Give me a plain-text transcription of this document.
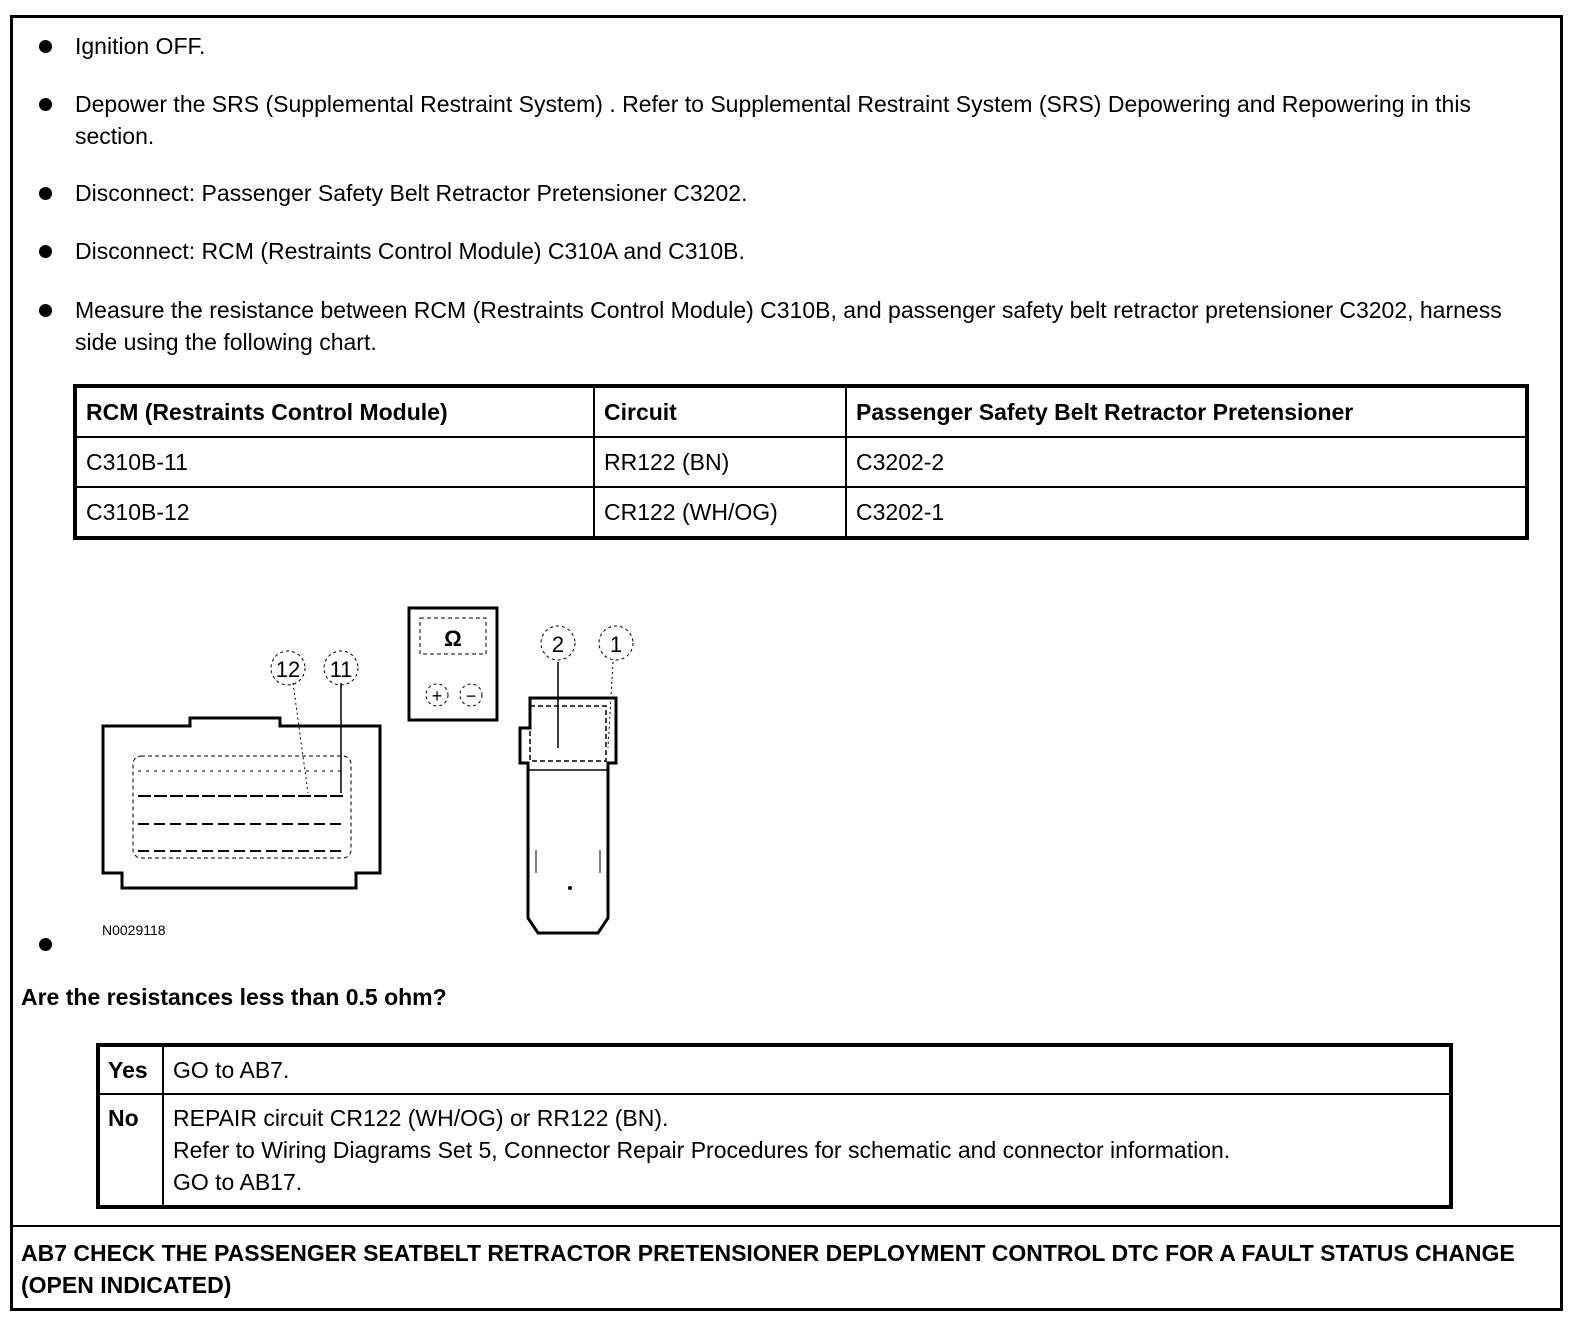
Ignition OFF.
Depower the SRS (Supplemental Restraint System) . Refer to Supplemental Restraint System (SRS) Depowering and Repowering in this section.
Disconnect: Passenger Safety Belt Retractor Pretensioner C3202.
Disconnect: RCM (Restraints Control Module) C310A and C310B.
Measure the resistance between RCM (Restraints Control Module) C310B, and passenger safety belt retractor pretensioner C3202, harness side using the following chart.
RCM (Restraints Control Module)	Circuit	Passenger Safety Belt Retractor Pretensioner
C310B-11	RR122 (BN)	C3202-2
C310B-12	CR122 (WH/OG)	C3202-1
12 11
Ω
+ −
2 1
N0029118
Are the resistances less than 0.5 ohm?
Yes	GO to AB7.

No	REPAIR circuit CR122 (WH/OG) or RR122 (BN).
Refer to Wiring Diagrams Set 5, Connector Repair Procedures for schematic and connector information.
GO to AB17.
AB7 CHECK THE PASSENGER SEATBELT RETRACTOR PRETENSIONER DEPLOYMENT CONTROL DTC FOR A FAULT STATUS CHANGE (OPEN INDICATED)
